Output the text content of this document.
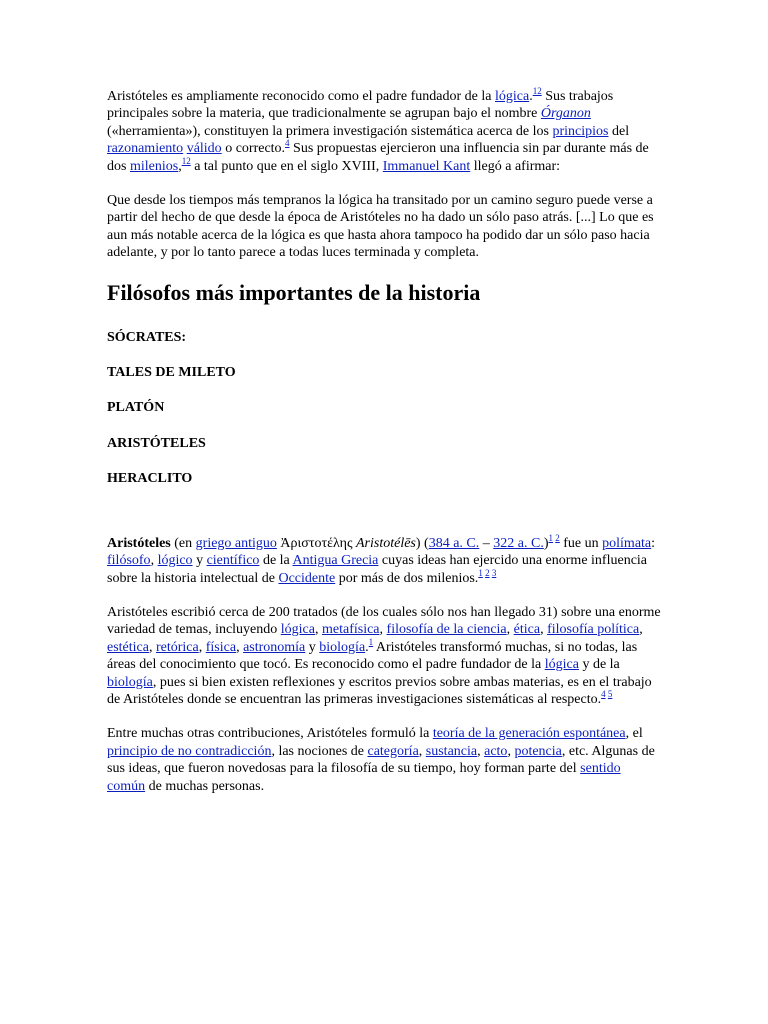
Aristóteles es ampliamente reconocido como el padre fundador de la lógica.$^{12}$ Sus trabajos principales sobre la materia, que tradicionalmente se agrupan bajo el nombre Órganon («herramienta»), constituyen la primera investigación sistemática acerca de los principios del razonamiento válido o correcto.$^4$ Sus propuestas ejercieron una influencia sin par durante más de dos milenios,$^{12}$ a tal punto que en el siglo XVIII, Immanuel Kant llegó a afirmar:

Que desde los tiempos más tempranos la lógica ha transitado por un camino seguro puede verse a partir del hecho de que desde la época de Aristóteles no ha dado un sólo paso atrás. [...] Lo que es aun más notable acerca de la lógica es que hasta ahora tampoco ha podido dar un sólo paso hacia adelante, y por lo tanto parece a todas luces terminada y completa.

Filósofos más importantes de la historia

SÓCRATES:

TALES DE MILETO

PLATÓN

ARISTÓTELES

HERACLITO

Aristóteles (en griego antiguo Ἀριστοτέλης Aristotélēs) (384 a. C. – 322 a. C.)$^{1 2}$ fue un polímata: filósofo, lógico y científico de la Antigua Grecia cuyas ideas han ejercido una enorme influencia sobre la historia intelectual de Occidente por más de dos milenios.$^{1 2 3}$

Aristóteles escribió cerca de 200 tratados (de los cuales sólo nos han llegado 31) sobre una enorme variedad de temas, incluyendo lógica, metafísica, filosofía de la ciencia, ética, filosofía política, estética, retórica, física, astronomía y biología.$^1$ Aristóteles transformó muchas, si no todas, las áreas del conocimiento que tocó. Es reconocido como el padre fundador de la lógica y de la biología, pues si bien existen reflexiones y escritos previos sobre ambas materias, es en el trabajo de Aristóteles donde se encuentran las primeras investigaciones sistemáticas al respecto.$^{4 5}$

Entre muchas otras contribuciones, Aristóteles formuló la teoría de la generación espontánea, el principio de no contradicción, las nociones de categoría, sustancia, acto, potencia, etc. Algunas de sus ideas, que fueron novedosas para la filosofía de su tiempo, hoy forman parte del sentido común de muchas personas.
